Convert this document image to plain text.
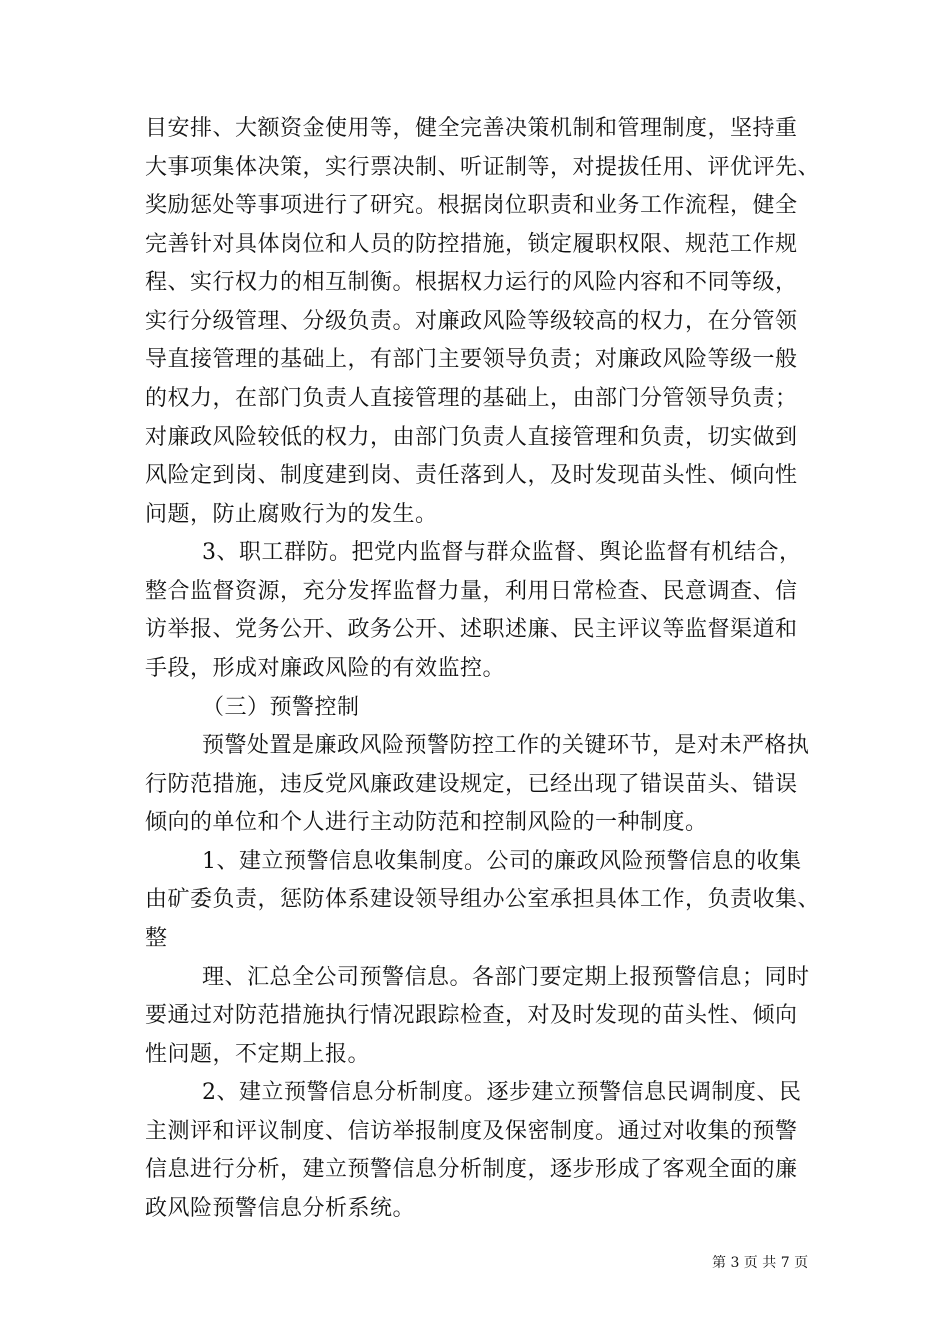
目安排、大额资金使用等，健全完善决策机制和管理制度，坚持重
大事项集体决策，实行票决制、听证制等，对提拔任用、评优评先、
奖励惩处等事项进行了研究。根据岗位职责和业务工作流程，健全
完善针对具体岗位和人员的防控措施，锁定履职权限、规范工作规
程、实行权力的相互制衡。根据权力运行的风险内容和不同等级，
实行分级管理、分级负责。对廉政风险等级较高的权力，在分管领
导直接管理的基础上，有部门主要领导负责；对廉政风险等级一般
的权力，在部门负责人直接管理的基础上，由部门分管领导负责；
对廉政风险较低的权力，由部门负责人直接管理和负责，切实做到
风险定到岗、制度建到岗、责任落到人，及时发现苗头性、倾向性
问题，防止腐败行为的发生。
3、职工群防。把党内监督与群众监督、舆论监督有机结合，
整合监督资源，充分发挥监督力量，利用日常检查、民意调查、信
访举报、党务公开、政务公开、述职述廉、民主评议等监督渠道和
手段，形成对廉政风险的有效监控。
（三）预警控制
预警处置是廉政风险预警防控工作的关键环节，是对未严格执
行防范措施，违反党风廉政建设规定，已经出现了错误苗头、错误
倾向的单位和个人进行主动防范和控制风险的一种制度。
1、建立预警信息收集制度。公司的廉政风险预警信息的收集
由矿委负责，惩防体系建设领导组办公室承担具体工作，负责收集、
整
理、汇总全公司预警信息。各部门要定期上报预警信息；同时
要通过对防范措施执行情况跟踪检查，对及时发现的苗头性、倾向
性问题，不定期上报。
2、建立预警信息分析制度。逐步建立预警信息民调制度、民
主测评和评议制度、信访举报制度及保密制度。通过对收集的预警
信息进行分析，建立预警信息分析制度，逐步形成了客观全面的廉
政风险预警信息分析系统。
第 3 页 共 7 页
